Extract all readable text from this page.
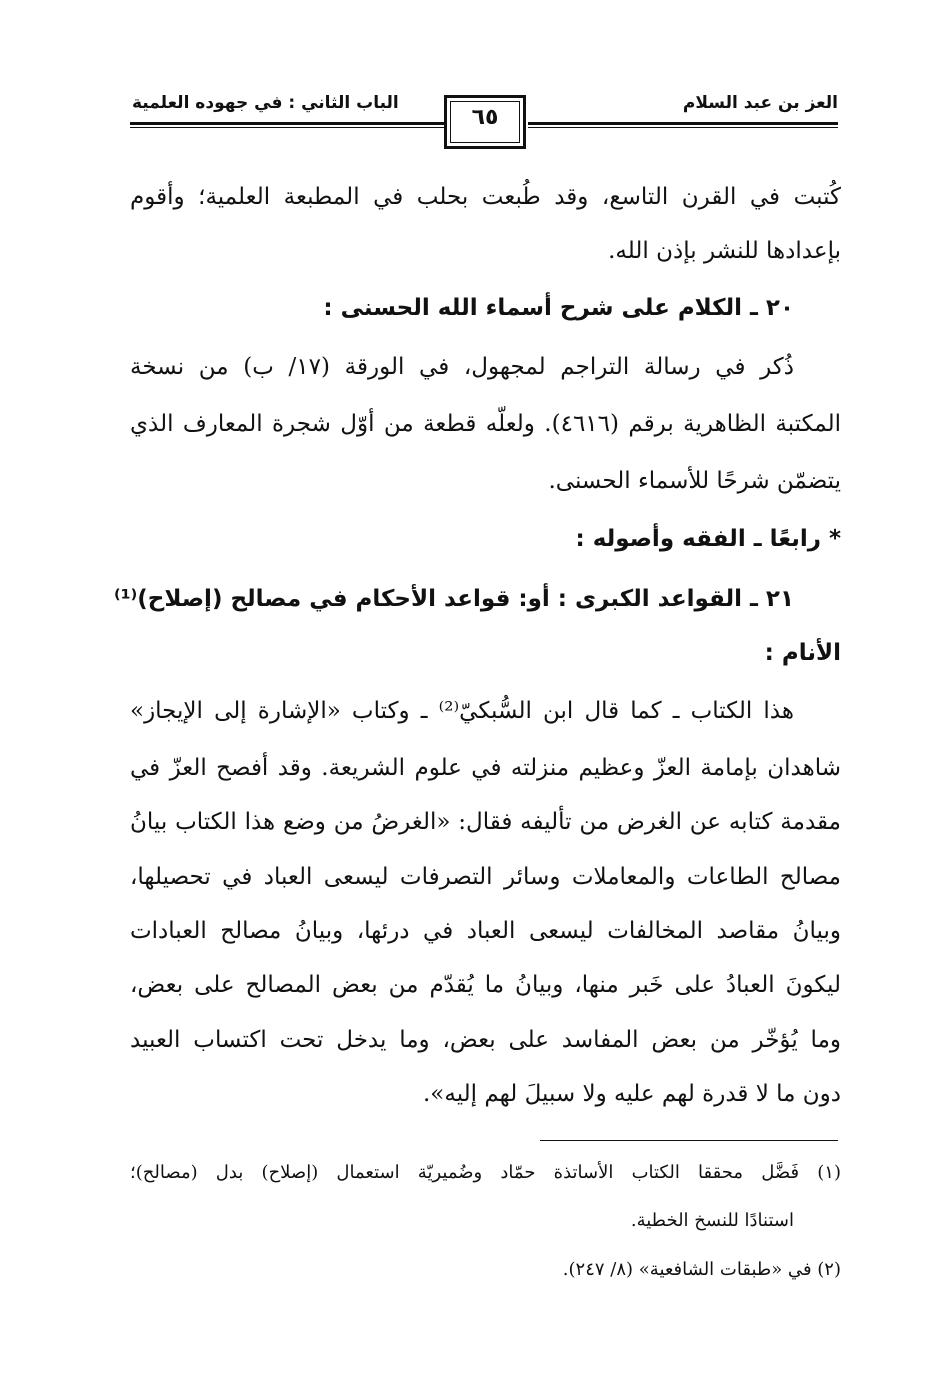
العز بن عبد السلام
الباب الثاني : في جهوده العلمية
٦٥
كُتبت في القرن التاسع، وقد طُبعت بحلب في المطبعة العلمية؛ وأقوم
بإعدادها للنشر بإذن الله.
٢٠ ـ الكلام على شرح أسماء الله الحسنى :
ذُكر في رسالة التراجم لمجهول، في الورقة (١٧/ ب) من نسخة
المكتبة الظاهرية برقم (٤٦١٦). ولعلّه قطعة من أوّل شجرة المعارف الذي
يتضمّن شرحًا للأسماء الحسنى.
* رابعًا ـ الفقه وأصوله :
٢١ ـ القواعد الكبرى : أو: قواعد الأحكام في مصالح (إصلاح)⁽¹⁾
الأنام :
هذا الكتاب ـ كما قال ابن السُّبكيّ⁽²⁾ ـ وكتاب «الإشارة إلى الإيجاز»
شاهدان بإمامة العزّ وعظيم منزلته في علوم الشريعة. وقد أفصح العزّ في
مقدمة كتابه عن الغرض من تأليفه فقال: «الغرضُ من وضع هذا الكتاب بيانُ
مصالح الطاعات والمعاملات وسائر التصرفات ليسعى العباد في تحصيلها،
وبيانُ مقاصد المخالفات ليسعى العباد في درئها، وبيانُ مصالح العبادات
ليكونَ العبادُ على خَبر منها، وبيانُ ما يُقدّم من بعض المصالح على بعض،
وما يُؤخّر من بعض المفاسد على بعض، وما يدخل تحت اكتساب العبيد
دون ما لا قدرة لهم عليه ولا سبيلَ لهم إليه».
(١) فَضَّل محققا الكتاب الأساتذة حمّاد وضُميريّة استعمال (إصلاح) بدل (مصالح)؛
استنادًا للنسخ الخطية.
(٢) في «طبقات الشافعية» (٨/ ٢٤٧).
